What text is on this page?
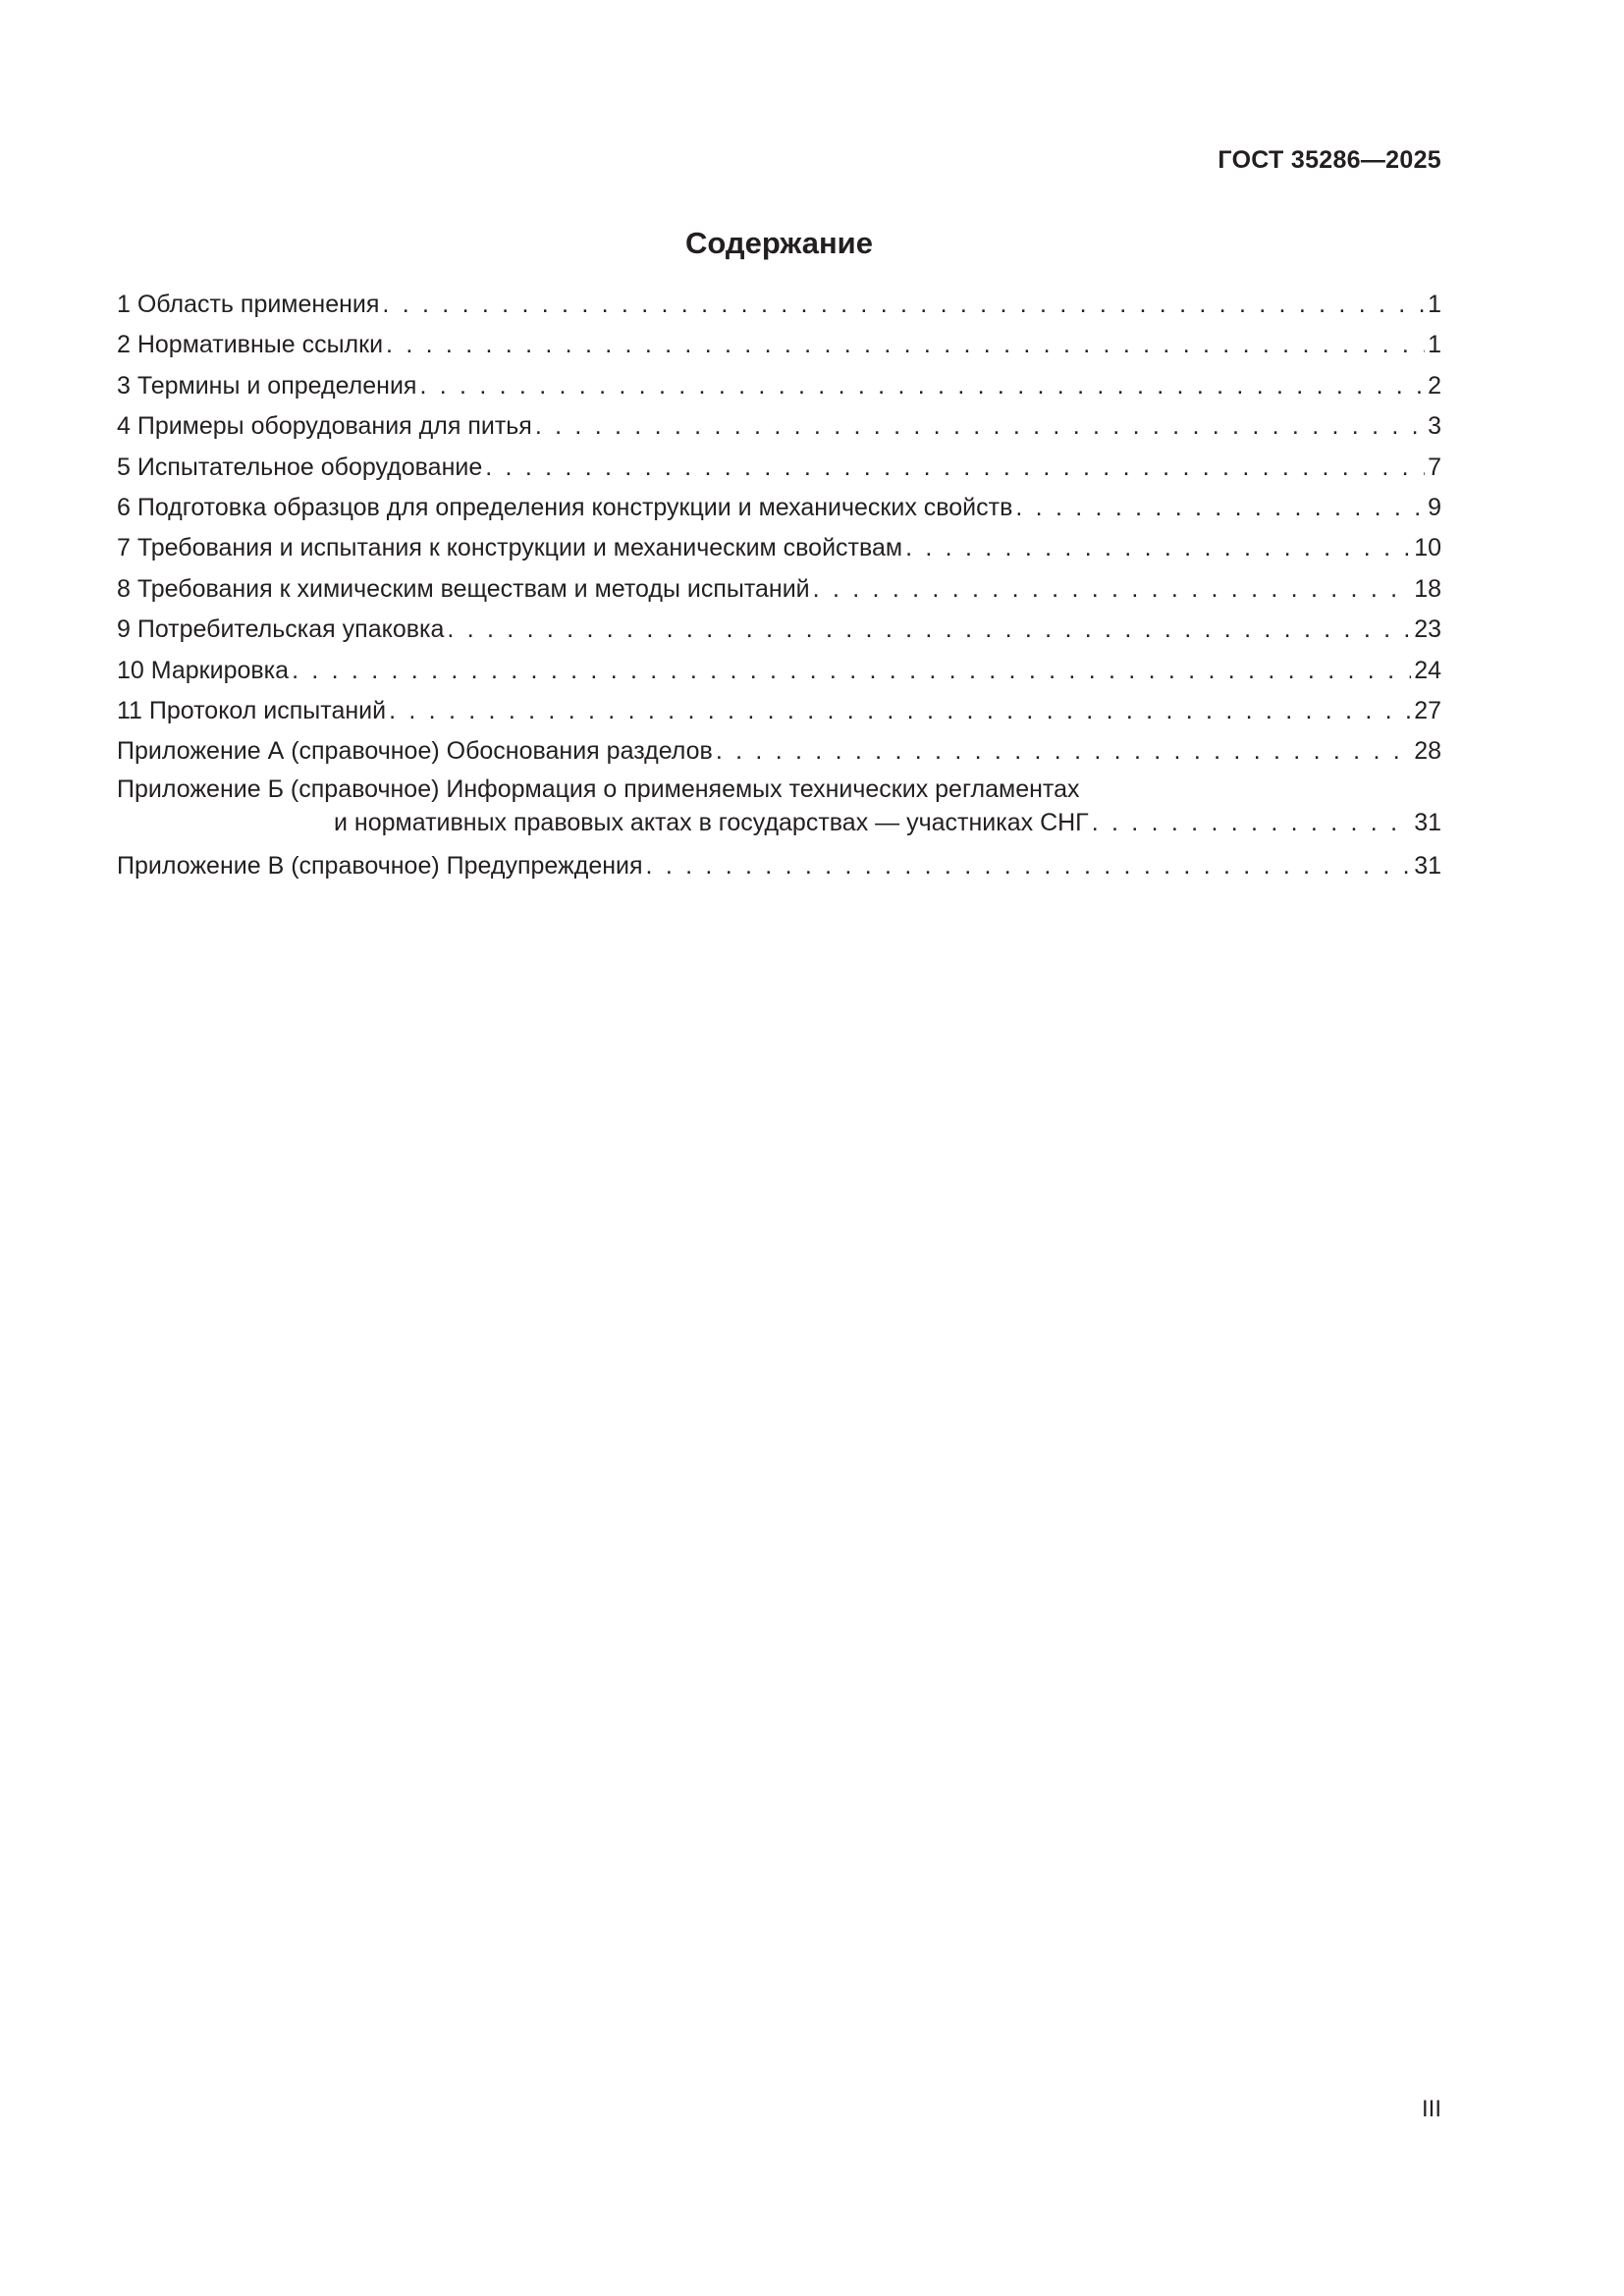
ГОСТ 35286—2025
Содержание
1 Область применения . . .	1
2 Нормативные ссылки . . .	1
3 Термины и определения . . .	2
4 Примеры оборудования для питья . . .	3
5 Испытательное оборудование . . .	7
6 Подготовка образцов для определения конструкции и механических свойств . . .	9
7 Требования и испытания к конструкции и механическим свойствам . . .	10
8 Требования к химическим веществам и методы испытаний . . .	18
9 Потребительская упаковка . . .	23
10 Маркировка . . .	24
11 Протокол испытаний . . .	27
Приложение А (справочное) Обоснования разделов . . .	28
Приложение Б (справочное) Информация о применяемых технических регламентах
и нормативных правовых актах в государствах — участниках СНГ . . .	31
Приложение В (справочное) Предупреждения . . .	31
III
